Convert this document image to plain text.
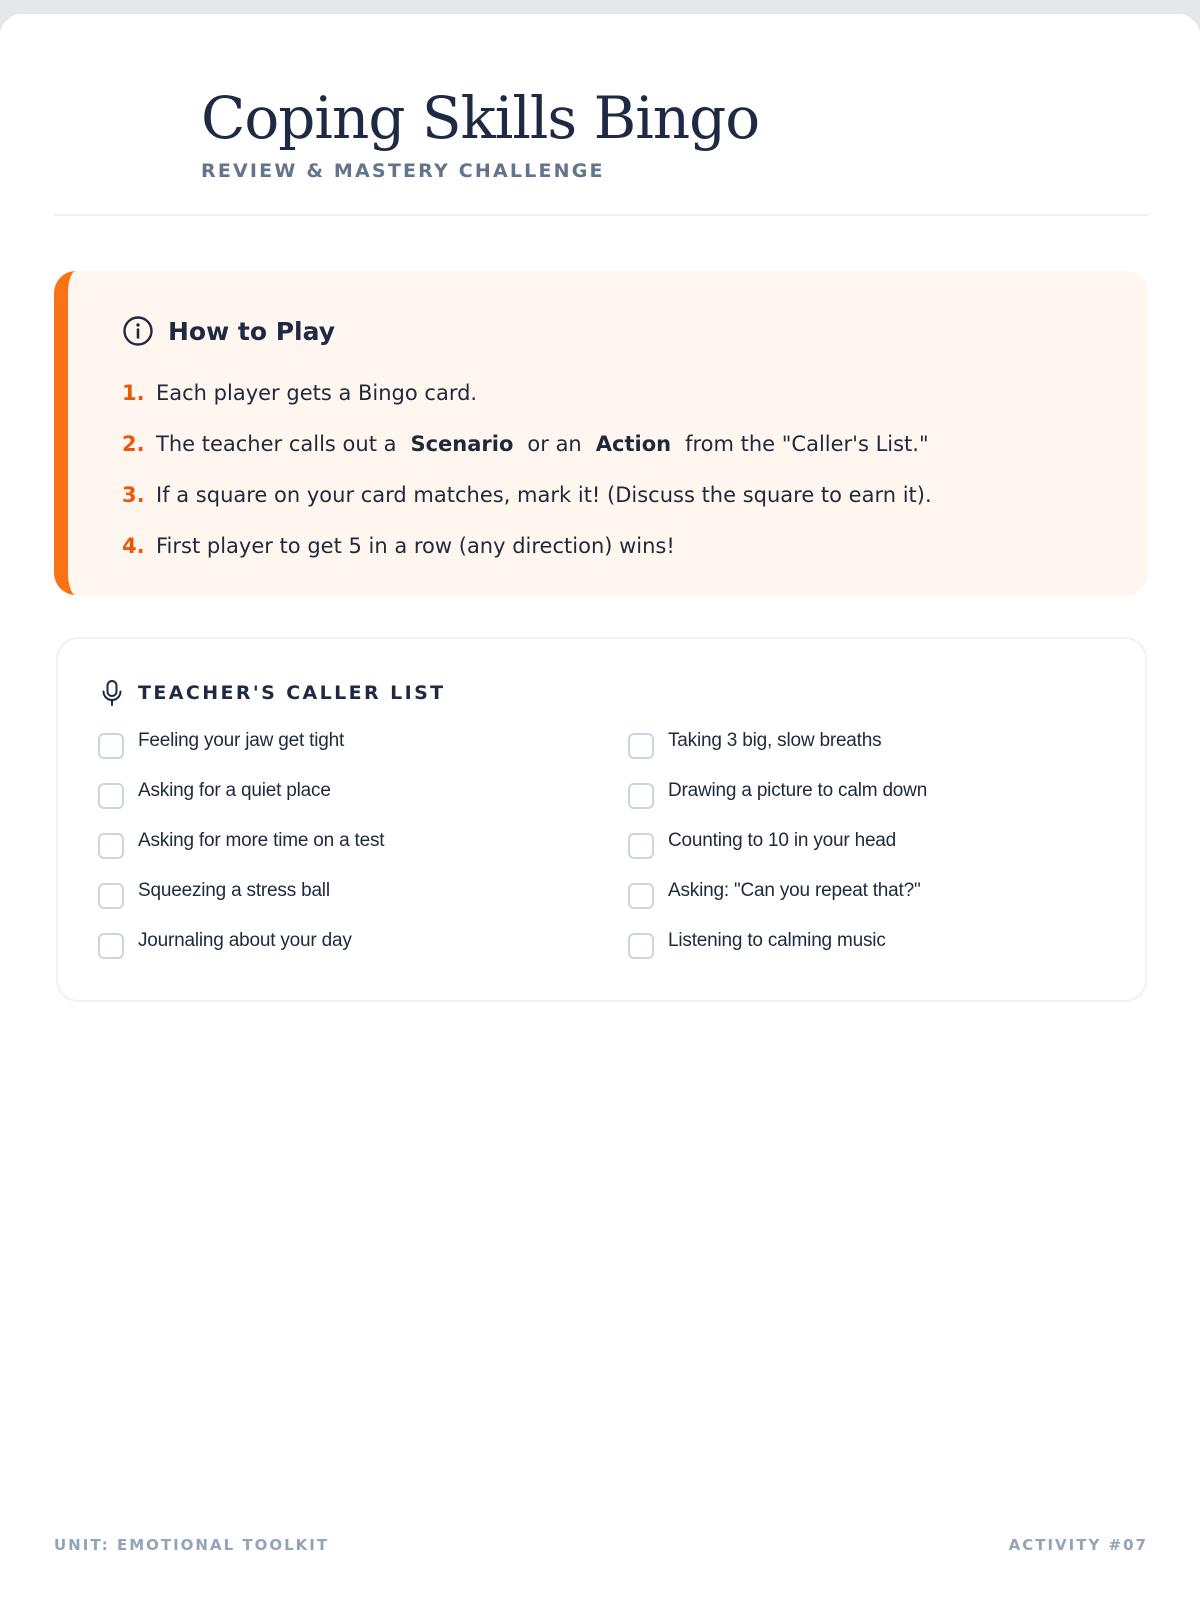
Coping Skills Bingo
REVIEW & MASTERY CHALLENGE
How to Play
1. Each player gets a Bingo card.
2. The teacher calls out a Scenario or an Action from the "Caller's List."
3. If a square on your card matches, mark it! (Discuss the square to earn it).
4. First player to get 5 in a row (any direction) wins!
TEACHER'S CALLER LIST
Feeling your jaw get tight
Asking for a quiet place
Asking for more time on a test
Squeezing a stress ball
Journaling about your day
Taking 3 big, slow breaths
Drawing a picture to calm down
Counting to 10 in your head
Asking: "Can you repeat that?"
Listening to calming music
UNIT: EMOTIONAL TOOLKIT	ACTIVITY #07
